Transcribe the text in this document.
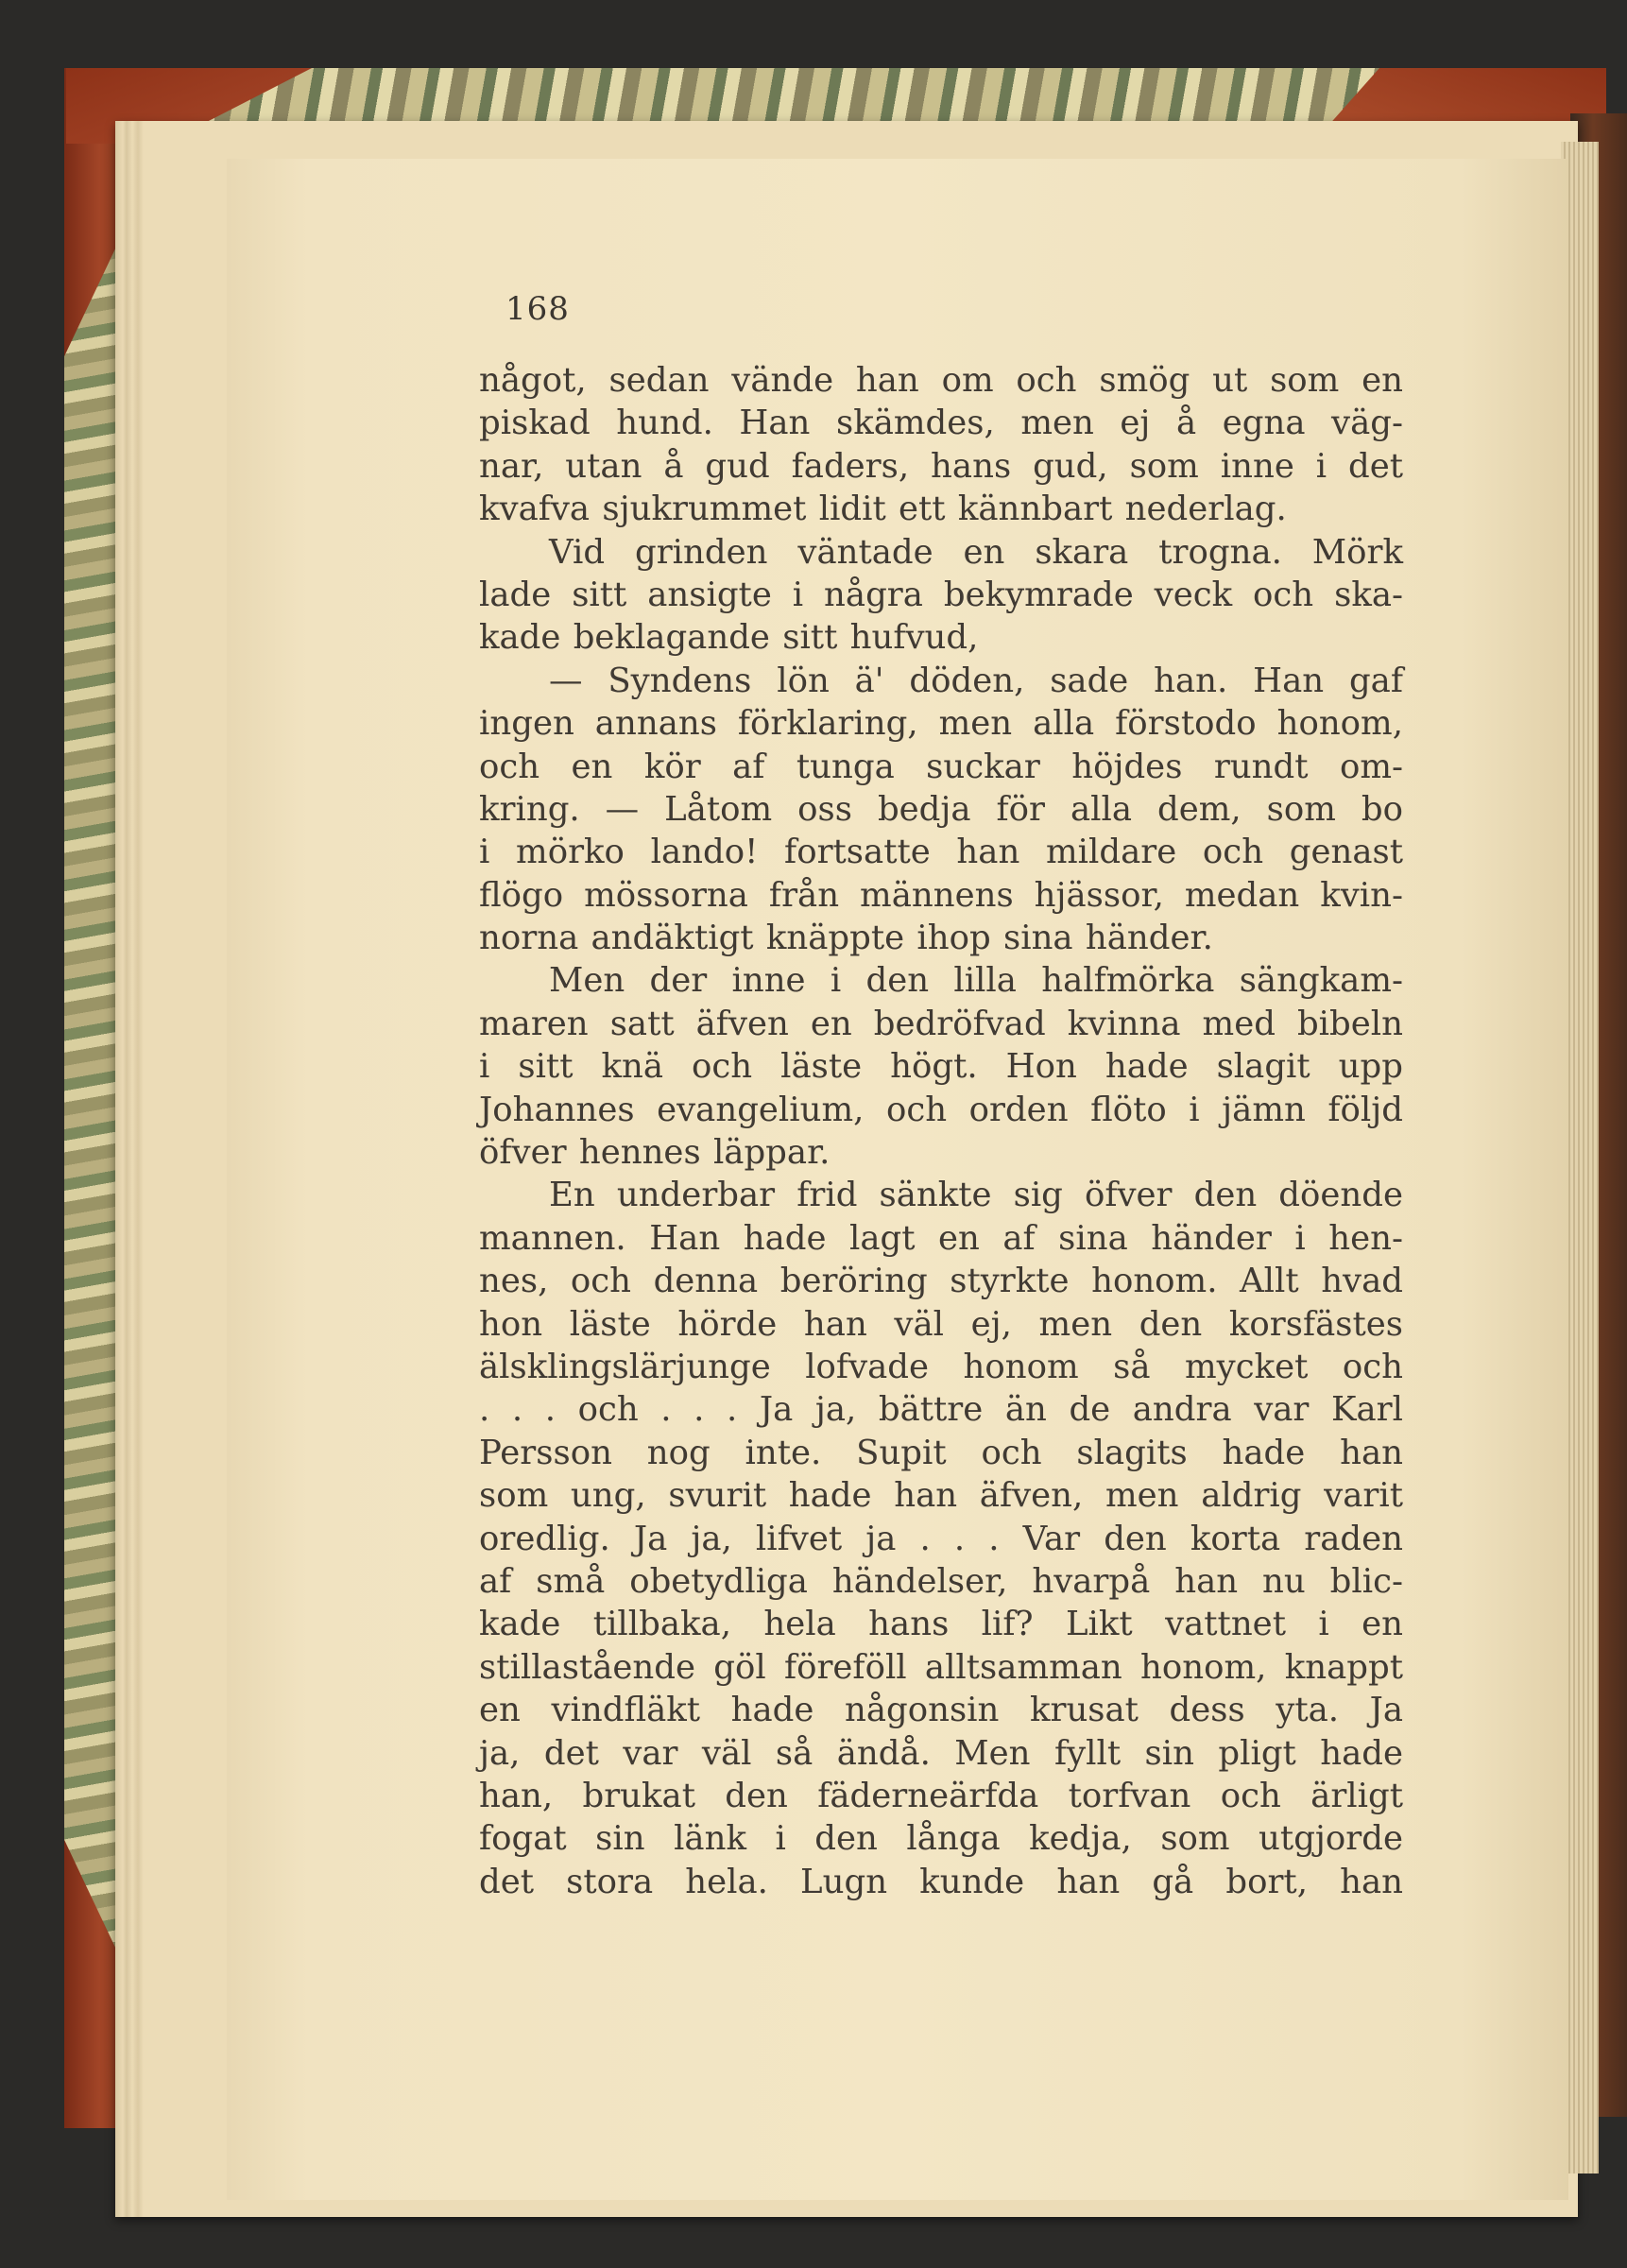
168
något, sedan vände han om och smög ut som en
piskad hund. Han skämdes, men ej å egna väg-
nar, utan å gud faders, hans gud, som inne i det
kvafva sjukrummet lidit ett kännbart nederlag.
Vid grinden väntade en skara trogna. Mörk
lade sitt ansigte i några bekymrade veck och ska-
kade beklagande sitt hufvud,
— Syndens lön ä' döden, sade han. Han gaf
ingen annans förklaring, men alla förstodo honom,
och en kör af tunga suckar höjdes rundt om-
kring. — Låtom oss bedja för alla dem, som bo
i mörko lando! fortsatte han mildare och genast
flögo mössorna från männens hjässor, medan kvin-
norna andäktigt knäppte ihop sina händer.
Men der inne i den lilla halfmörka sängkam-
maren satt äfven en bedröfvad kvinna med bibeln
i sitt knä och läste högt. Hon hade slagit upp
Johannes evangelium, och orden flöto i jämn följd
öfver hennes läppar.
En underbar frid sänkte sig öfver den döende
mannen. Han hade lagt en af sina händer i hen-
nes, och denna beröring styrkte honom. Allt hvad
hon läste hörde han väl ej, men den korsfästes
älsklingslärjunge lofvade honom så mycket och
. . . och . . . Ja ja, bättre än de andra var Karl
Persson nog inte. Supit och slagits hade han
som ung, svurit hade han äfven, men aldrig varit
oredlig. Ja ja, lifvet ja . . . Var den korta raden
af små obetydliga händelser, hvarpå han nu blic-
kade tillbaka, hela hans lif? Likt vattnet i en
stillastående göl föreföll alltsamman honom, knappt
en vindfläkt hade någonsin krusat dess yta. Ja
ja, det var väl så ändå. Men fyllt sin pligt hade
han, brukat den fäderneärfda torfvan och ärligt
fogat sin länk i den långa kedja, som utgjorde
det stora hela. Lugn kunde han gå bort, han
